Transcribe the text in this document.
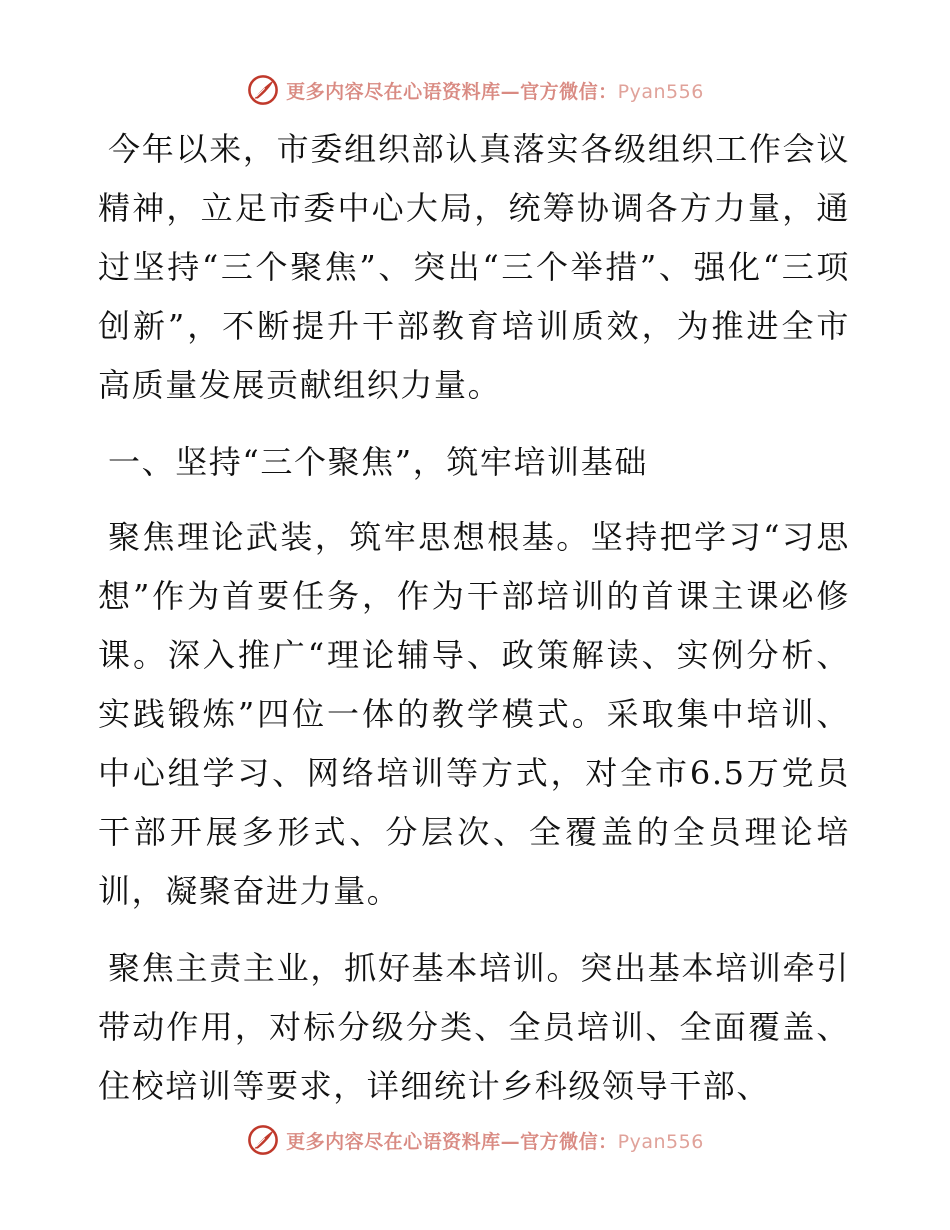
更多内容尽在心语资料库—官方微信：Pyan556

今年以来，市委组织部认真落实各级组织工作会议精神，立足市委中心大局，统筹协调各方力量，通过坚持“三个聚焦”、突出“三个举措”、强化“三项创新”，不断提升干部教育培训质效，为推进全市高质量发展贡献组织力量。

一、坚持“三个聚焦”，筑牢培训基础

聚焦理论武装，筑牢思想根基。坚持把学习“习思想”作为首要任务，作为干部培训的首课主课必修课。深入推广“理论辅导、政策解读、实例分析、实践锻炼”四位一体的教学模式。采取集中培训、中心组学习、网络培训等方式，对全市6.5万党员干部开展多形式、分层次、全覆盖的全员理论培训，凝聚奋进力量。

聚焦主责主业，抓好基本培训。突出基本培训牵引带动作用，对标分级分类、全员培训、全面覆盖、住校培训等要求，详细统计乡科级领导干部、

更多内容尽在心语资料库—官方微信：Pyan556
